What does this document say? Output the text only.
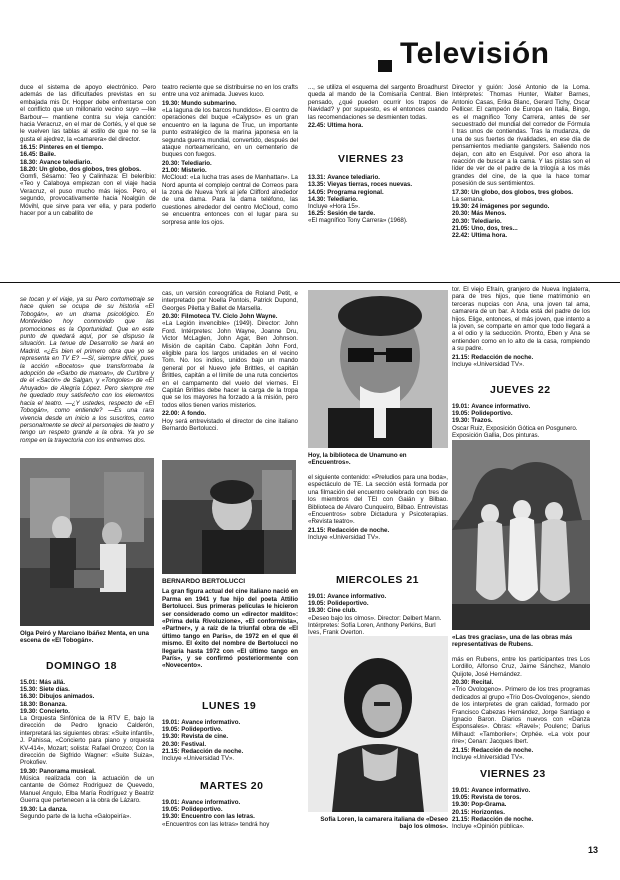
Televisión

duce el sistema de apoyo electrónico. Pero además de las dificultades previstas en su embajada mis Dr. Hopper debe enfrentarse con el conflicto que un millonario vecino suyo —Ike Barbour— mantiene contra su vieja canción: hacia Veracruz, en el mar de Cortés, y el que se le vuelven las tablas al estilo de que no se la gusta el ajedrez, la «camarera» del director.

16.15: Pinteres en el tiempo.
16.45: Baile.
18.30: Avance telediario.
18.20: Un globo, dos globos, tres globos.

Gomfi, Sésamo: Teo y Calinhaza: El beleribio: «Teo y Calaboya empiezan con el viaje hacia Veracruz, el puso mucho más lejos. Pero, el segundo, provocativamente hacia Noalgún de Móvihl, que sirve para ver ella, y para poderlo hacer por a un caballito de

teatro reciente que se distribuirse no en los crafts entre una voz animada. Jueves kuco.

19.30: Mundo submarino.

«La laguna de los barcos hundidos». El centro de operaciones del buque «Calypso» es un gran encuentro en la laguna de Truc, un importante punto estratégico de la marina japonesa en la segunda guerra mundial, convertido, después del ataque norteamericano, en un cementerio de buques con fuegos.

20.30: Telediario.
21.00: Misterio.

McCloud: «La lucha tras ases de Manhattan». La Nord apunta el complejo central de Correos para la zona de Nueva York al jefe Clifford alrededor de una dama. Para la dama teléfono, las cuestiones alrededor del centro McCloud, como se encuentra entonces con el lugar para su sorpresa ante los ojos.

..., se utiliza el esquema del sargento Broadhurst queda al mando de la Comisaría Central. Bien pensado, ¿qué pueden ocurrir los trapos de Navidad? y por supuesto, es el entonces cuando las recomendaciones se desmienten todas.

22.45: Ultima hora.
VIERNES 23
13.31: Avance telediario.
13.35: Vieyas tierras, roces nuevas.
14.05: Programa regional.
14.30: Telediario.
Incluye «Hora 15».
16.25: Sesión de tarde.
«El magnífico Tony Carrera» (1968).

Director y guión: José Antonio de la Loma. Intérpretes: Thomas Hunter, Walter Barnes, Antonio Casas, Erika Blanc, Gerard Tichy, Oscar Pellicer. El campeón de Europa en Italia, Bingo, es el magnífico Tony Carrera, antes de ser secuestrado del mundial del corredor de Fórmula I tras unos de contiendas. Tras la mudanza, de una de sus fuertes de rivalidades, en ese día de pensamientos mediante gangsters. Saliendo nos dejan, con alto en Esquivel. Por eso ahora la reacción de buscar a la cama. Y las pistas son el líder de ver de el padre de la trilogía a los más grandes del cine, de la que la hace tomar posesión de sus sentimientos.

17.30: Un globo, dos globos, tres globos.
La semana.
19.30: 24 imágenes por segundo.
20.30: Más Menos.
20.30: Telediario.
21.05: Uno, dos, tres...
22.42: Ultima hora.

se tocan y el viaje, ya su Pero cortometraje se hace quien se ocupa de su historia «El Tobogán», en un drama psicológico. En Montevideo hoy conmovido que las promociones es la Oportunidad. Que en este punto de quedará aquí, por se dispuso la situación. La tenue de Desarrollo se hará en Madrid. «¿Es bien el primero obra que yo se representa en TV E? —Sí, siempre difícil, pues la acción «Bocetos» que transformaba la adopción de «Garbo de maman», de Curtibre y de el «Sacón» de Salgan, y «Tongoles» de «El Ahuyado» de Alegría López. Pero siempre me he quedado muy satisfecho con los elementos hacia el teatro. —¿Y ustedes, respecto de «El Tobogán», como entiende? —Es una rara vivencia desde un inicio a los suscritos, como personalmente se decir al personajes de teatro y tengo un respeto grande a la obra. Ya yo se rompe en la trayectoria con los entremes dos.

Olga Peiró y Marciano Ibáñez Menta, en una escena de «El Tobogán».
DOMINGO 18
15.01: Más allá.
15.30: Siete días.
16.30: Dibujos animados.
18.30: Bonanza.
19.30: Concierto.

La Orquesta Sinfónica de la RTV E, bajo la dirección de Pedro Ignacio Calderón, interpretará las siguientes obras: «Suite infantil», J. Pahissa, «Concierto para piano y orquesta KV-414», Mozart; solista: Rafael Orozco; Con la dirección de Sigfrido Wagner: «Suite Suiza», Prokofiev.

19.30: Panorama musical.

Música realizada con la actuación de un cantante de Gómez Rodríguez de Quevedo, Manuel Angulo, Elba María Rodríguez y Beatriz Guerra que pertenecen a la obra de Lázaro.

19.30: La danza.

Segundo parte de la lucha «Galopeiría».

cas, un versión coreográfica de Roland Petit, e interpretado por Noella Pontois, Patrick Dupond, Georges Piletta y Ballet de Marsella.

20.30: Filmoteca TV. Ciclo John Wayne.

«La Legión invencible» (1949). Director: John Ford. Intérpretes: John Wayne, Joanne Dru, Victor McLaglen, John Agar, Ben Johnson. Misión de capitán Cabo. Capitán John Ford, eligible para los largos unidades en el vecino Tom. No. los indios, unidos bajo un mando general por el Nuevo jefe Brittles, el capitán Brittles, capitán a el límite de una ruta conciertos en el campamento del vuelo del viernes. El Capitán Brittles debe hacer la carga de la tropa que se los mayores ha forzado a la misión, pero todos ellos tienen varios misterios.

22.00: A fondo.

Hoy será entrevistado el director de cine italiano Bernardo Bertolucci.

BERNARDO BERTOLUCCI

La gran figura actual del cine italiano nació en Parma en 1941 y fue hijo del poeta Attilio Bertolucci. Sus primeras películas le hicieron ser considerado como un «director maldito»: «Prima della Rivoluzione», «El conformista», «Partner», y a raíz de la triunfal obra de «El último tango en París», de 1972 en el que él mismo. El éxito del nombre de Bertolucci no llegaría hasta 1972 con «El último tango en París», y se confirmó posteriormente con «Novecento».

LUNES 19
19.01: Avance informativo.
19.05: Polideportivo.
19.30: Revista de cine.
20.30: Festival.
21.15: Redacción de noche.
Incluye «Universidad TV».
MARTES 20
19.01: Avance informativo.
19.05: Polideportivo.
19.30: Encuentro con las letras.
«Encuentros con las letras» tendrá hoy
Hoy, la biblioteca de Unamuno en «Encuentros».

el siguiente contenido: «Preludios para una boda», espectáculo de TE. La sección está formada por una filmación del encuentro celebrado con tres de los miembros del TEI con Gaián y Bilbao. Biblioteca de Alvaro Cunqueiro, Bilbao. Entrevistas «Encuentros» sobre Dictadura y Psicoterapias. «Revista teatro».

21.15: Redacción de noche.
Incluye «Universidad TV».
MIERCOLES 21
19.01: Avance informativo.
19.05: Polideportivo.
19.30: Cine club.
«Deseo bajo los olmos». Director: Delbert Mann. Intérpretes: Sofía Loren, Anthony Perkins, Burl Ives, Frank Overton.
Sofía Loren, la camarera italiana de «Deseo bajo los olmos».

tor. El viejo Efraín, granjero de Nueva Inglaterra, para de tres hijos, que tiene matrimonio en terceras nupcias con Ana, una joven tal ama, camarera de un bar. A toda está del padre de los hijos. Elige, entonces, el más joven, que intento a la joven, se comparte en amor que todo llegará a a el odio y la seducción. Pronto, Eben y Ana se entienden como en lo alto de la casa, rompiendo a su padre.

21.15: Redacción de noche.
Incluye «Universidad TV».
JUEVES 22
19.01: Avance informativo.
19.05: Polideportivo.
19.30: Trazos.
Oscar Ruiz, Exposición Gótica en Posgunero. Exposición Gallia, Dos pinturas.
«Las tres gracias», una de las obras más representativas de Rubens.

más en Rubens, entre los participantes tres Los Lordillo, Alfonso Cruz, Jaime Sánchez, Manolo Quijote, José Hernández.

20.30: Recital.

«Trio Ovologeno». Primero de los tres programas dedicados al grupo «Trio Dos-Ovologeno», siendo de los interpretes de gran calidad, formado por Francisco Cabezas Hernández, Jorge Santiago e Ignacio Baron. Diarios nuevos con «Danza Esponsales». Obras: «Ravel»; Poulenc; Darius Milhaud: «Tamboriler»; Orphée. «La voix pour rire»; Cenan: Jacques Ibert.

21.15: Redacción de noche.
Incluye «Universidad TV».
VIERNES 23
19.01: Avance informativo.
19.05: Revista de toros.
19.30: Pop-Grama.
20.15: Horizontes.
21.15: Redacción de noche.
Incluye «Opinión pública».
13
